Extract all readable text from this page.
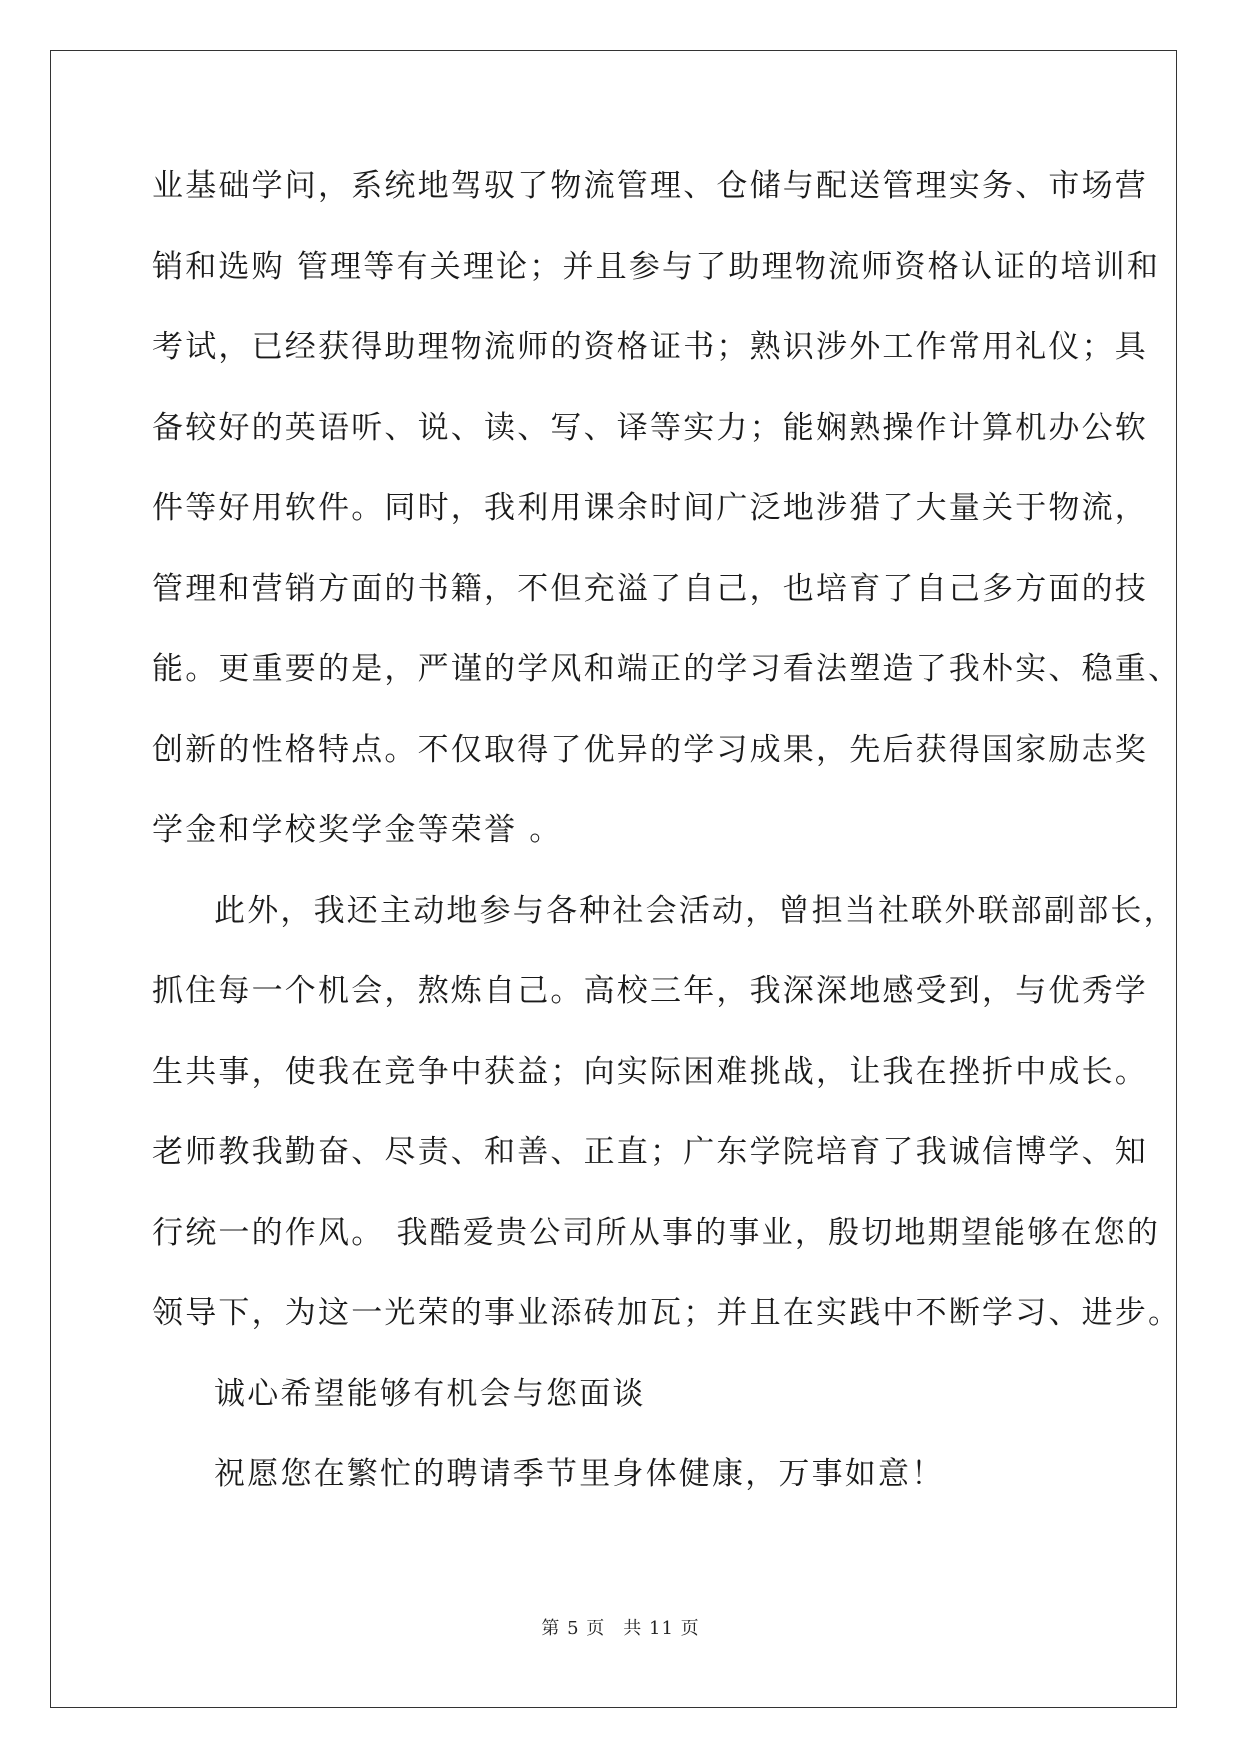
业基础学问，系统地驾驭了物流管理、仓储与配送管理实务、市场营
销和选购 管理等有关理论；并且参与了助理物流师资格认证的培训和
考试，已经获得助理物流师的资格证书；熟识涉外工作常用礼仪；具
备较好的英语听、说、读、写、译等实力；能娴熟操作计算机办公软
件等好用软件。同时，我利用课余时间广泛地涉猎了大量关于物流，
管理和营销方面的书籍，不但充溢了自己，也培育了自己多方面的技
能。更重要的是，严谨的学风和端正的学习看法塑造了我朴实、稳重、
创新的性格特点。不仅取得了优异的学习成果，先后获得国家励志奖
学金和学校奖学金等荣誉 。
此外，我还主动地参与各种社会活动，曾担当社联外联部副部长，
抓住每一个机会，熬炼自己。高校三年，我深深地感受到，与优秀学
生共事，使我在竞争中获益；向实际困难挑战，让我在挫折中成长。
老师教我勤奋、尽责、和善、正直；广东学院培育了我诚信博学、知
行统一的作风。 我酷爱贵公司所从事的事业，殷切地期望能够在您的
领导下，为这一光荣的事业添砖加瓦；并且在实践中不断学习、进步。
诚心希望能够有机会与您面谈
祝愿您在繁忙的聘请季节里身体健康，万事如意！
第 5 页 共 11 页
